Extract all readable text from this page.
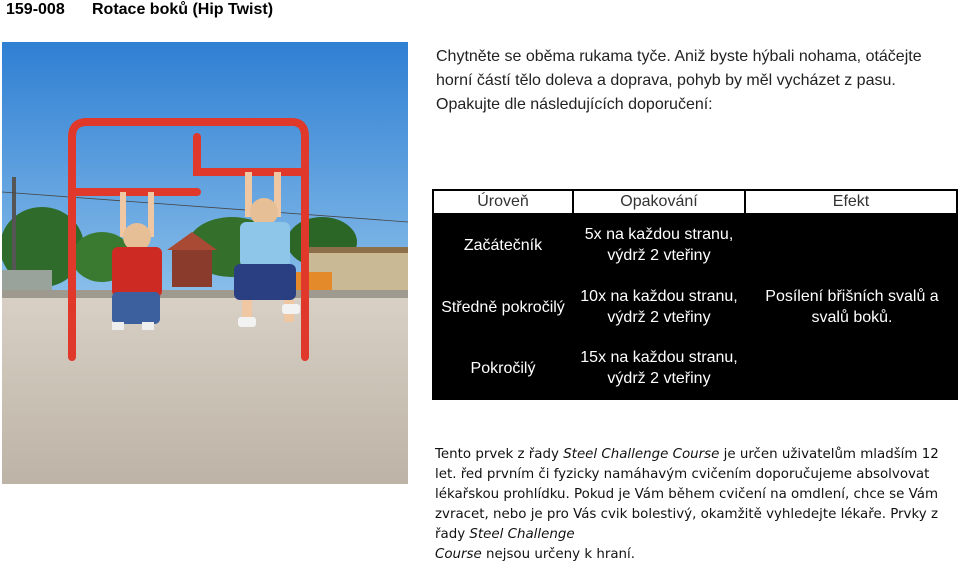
159-008 Rotace boků (Hip Twist)
Chytněte se oběma rukama tyče. Aniž byste hýbali nohama, otáčejte horní částí tělo doleva a doprava, pohyb by měl vycházet z pasu. Opakujte dle následujících doporučení:
Úroveň	Opakování	Efekt
Začátečník
5x na každou stranu,
výdrž 2 vteřiny
Středně pokročilý
10x na každou stranu,
výdrž 2 vteřiny
Pokročilý
15x na každou stranu,
výdrž 2 vteřiny
Posílení břišních svalů a
svalů boků.
Tento prvek z řady Steel Challenge Course je určen uživatelům mladším 12 let. řed prvním či fyzicky namáhavým cvičením doporučujeme absolvovat lékařskou prohlídku. Pokud je Vám během cvičení na omdlení, chce se Vám zvracet, nebo je pro Vás cvik bolestivý, okamžitě vyhledejte lékaře. Prvky z řady Steel Challenge
Course nejsou určeny k hraní.
